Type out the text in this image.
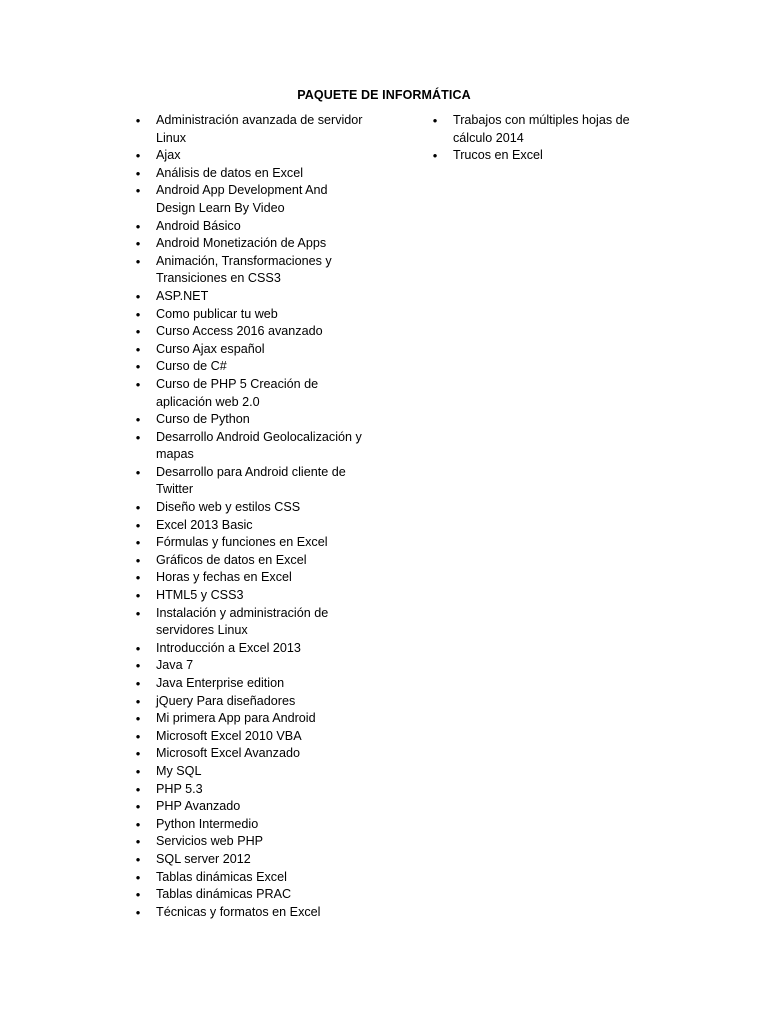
PAQUETE DE INFORMÁTICA
• Administración avanzada de servidor Linux
• Ajax
• Análisis de datos en Excel
• Android App Development And Design Learn By Video
• Android Básico
• Android Monetización de Apps
• Animación, Transformaciones y Transiciones en CSS3
• ASP.NET
• Como publicar tu web
• Curso Access 2016 avanzado
• Curso Ajax español
• Curso de C#
• Curso de PHP 5 Creación de aplicación web 2.0
• Curso de Python
• Desarrollo Android Geolocalización y mapas
• Desarrollo para Android cliente de Twitter
• Diseño web y estilos CSS
• Excel 2013 Basic
• Fórmulas y funciones en Excel
• Gráficos de datos en Excel
• Horas y fechas en Excel
• HTML5 y CSS3
• Instalación y administración de servidores Linux
• Introducción a Excel 2013
• Java 7
• Java Enterprise edition
• jQuery Para diseñadores
• Mi primera App para Android
• Microsoft Excel 2010 VBA
• Microsoft Excel Avanzado
• My SQL
• PHP 5.3
• PHP Avanzado
• Python Intermedio
• Servicios web PHP
• SQL server 2012
• Tablas dinámicas Excel
• Tablas dinámicas PRAC
• Técnicas y formatos en Excel
• Trabajos con múltiples hojas de cálculo 2014
• Trucos en Excel
